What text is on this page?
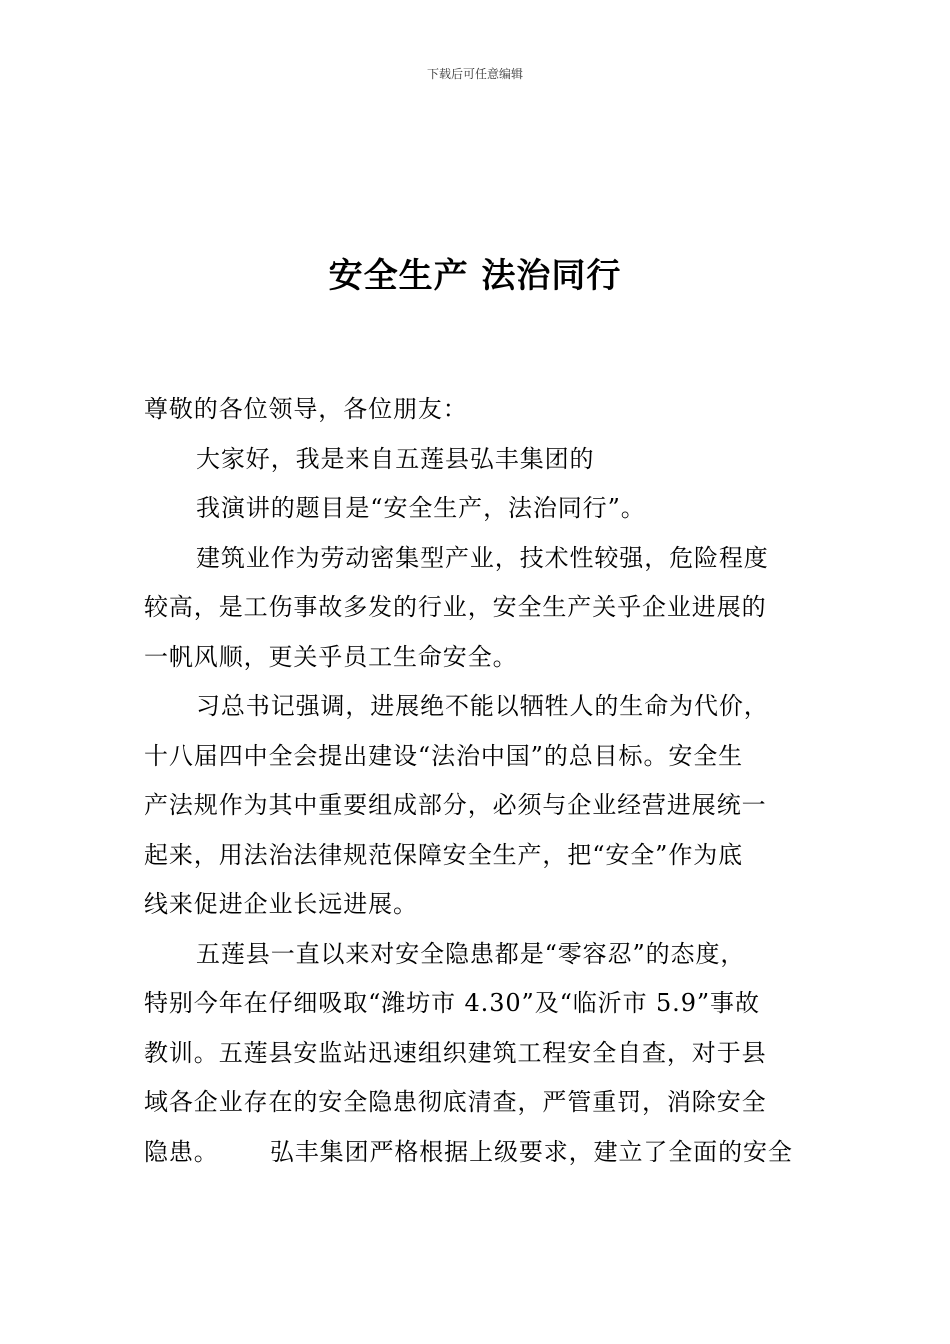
下载后可任意编辑
安全生产 法治同行

尊敬的各位领导，各位朋友：

大家好，我是来自五莲县弘丰集团的

我演讲的题目是“安全生产，法治同行”。

建筑业作为劳动密集型产业，技术性较强，危险程度
较高，是工伤事故多发的行业，安全生产关乎企业进展的
一帆风顺，更关乎员工生命安全。

习总书记强调，进展绝不能以牺牲人的生命为代价，
十八届四中全会提出建设“法治中国”的总目标。安全生
产法规作为其中重要组成部分，必须与企业经营进展统一
起来，用法治法律规范保障安全生产，把“安全”作为底
线来促进企业长远进展。

五莲县一直以来对安全隐患都是“零容忍”的态度，
特别今年在仔细吸取“潍坊市 4.30”及“临沂市 5.9”事故
教训。五莲县安监站迅速组织建筑工程安全自查，对于县
域各企业存在的安全隐患彻底清查，严管重罚，消除安全
隐患。      弘丰集团严格根据上级要求，建立了全面的安全
